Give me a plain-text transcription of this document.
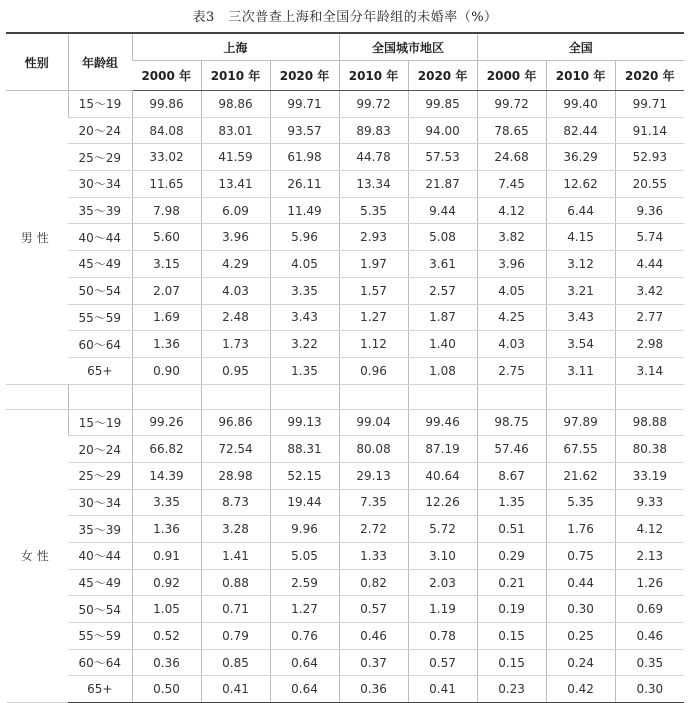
表3　三次普查上海和全国分年龄组的未婚率（%）
性别	年龄组	上海			全国城市地区		全国		
		2000 年	2010 年	2020 年	2010 年	2020 年	2000 年	2010 年	2020 年
男性	15～19	99.86	98.86	99.71	99.72	99.85	99.72	99.40	99.71
	20～24	84.08	83.01	93.57	89.83	94.00	78.65	82.44	91.14
	25～29	33.02	41.59	61.98	44.78	57.53	24.68	36.29	52.93
	30～34	11.65	13.41	26.11	13.34	21.87	7.45	12.62	20.55
	35～39	7.98	6.09	11.49	5.35	9.44	4.12	6.44	9.36
	40～44	5.60	3.96	5.96	2.93	5.08	3.82	4.15	5.74
	45～49	3.15	4.29	4.05	1.97	3.61	3.96	3.12	4.44
	50～54	2.07	4.03	3.35	1.57	2.57	4.05	3.21	3.42
	55～59	1.69	2.48	3.43	1.27	1.87	4.25	3.43	2.77
	60～64	1.36	1.73	3.22	1.12	1.40	4.03	3.54	2.98
	65+	0.90	0.95	1.35	0.96	1.08	2.75	3.11	3.14

女性	15～19	99.26	96.86	99.13	99.04	99.46	98.75	97.89	98.88
	20～24	66.82	72.54	88.31	80.08	87.19	57.46	67.55	80.38
	25～29	14.39	28.98	52.15	29.13	40.64	8.67	21.62	33.19
	30～34	3.35	8.73	19.44	7.35	12.26	1.35	5.35	9.33
	35～39	1.36	3.28	9.96	2.72	5.72	0.51	1.76	4.12
	40～44	0.91	1.41	5.05	1.33	3.10	0.29	0.75	2.13
	45～49	0.92	0.88	2.59	0.82	2.03	0.21	0.44	1.26
	50～54	1.05	0.71	1.27	0.57	1.19	0.19	0.30	0.69
	55～59	0.52	0.79	0.76	0.46	0.78	0.15	0.25	0.46
	60～64	0.36	0.85	0.64	0.37	0.57	0.15	0.24	0.35
	65+	0.50	0.41	0.64	0.36	0.41	0.23	0.42	0.30
